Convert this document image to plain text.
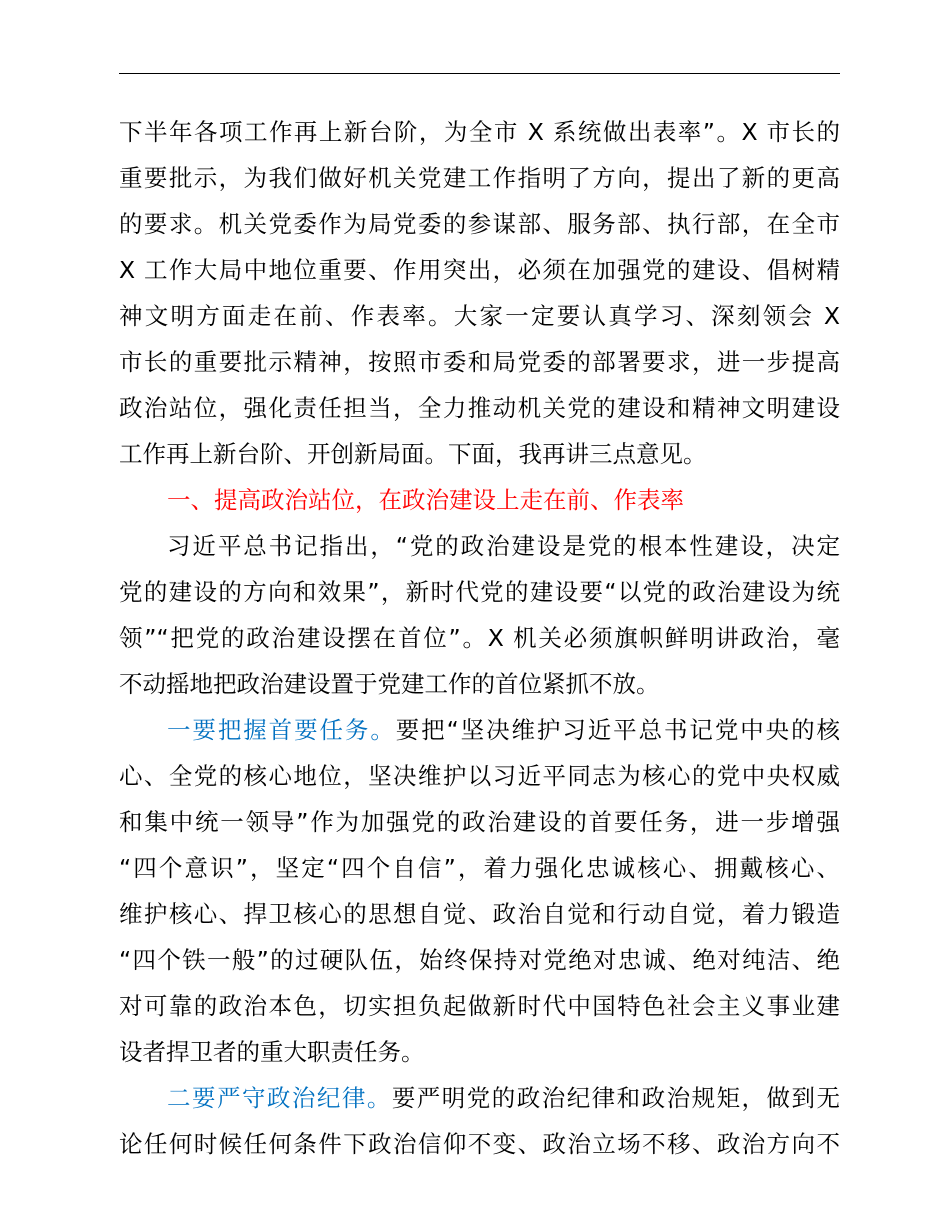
下半年各项工作再上新台阶，为全市 X 系统做出表率”。X 市长的
重要批示，为我们做好机关党建工作指明了方向，提出了新的更高
的要求。机关党委作为局党委的参谋部、服务部、执行部，在全市
X 工作大局中地位重要、作用突出，必须在加强党的建设、倡树精
神文明方面走在前、作表率。大家一定要认真学习、深刻领会 X
市长的重要批示精神，按照市委和局党委的部署要求，进一步提高
政治站位，强化责任担当，全力推动机关党的建设和精神文明建设
工作再上新台阶、开创新局面。下面，我再讲三点意见。
一、提高政治站位，在政治建设上走在前、作表率
习近平总书记指出，“党的政治建设是党的根本性建设，决定
党的建设的方向和效果”，新时代党的建设要“以党的政治建设为统
领”“把党的政治建设摆在首位”。X 机关必须旗帜鲜明讲政治，毫
不动摇地把政治建设置于党建工作的首位紧抓不放。
一要把握首要任务。要把“坚决维护习近平总书记党中央的核
心、全党的核心地位，坚决维护以习近平同志为核心的党中央权威
和集中统一领导”作为加强党的政治建设的首要任务，进一步增强
“四个意识”，坚定“四个自信”，着力强化忠诚核心、拥戴核心、
维护核心、捍卫核心的思想自觉、政治自觉和行动自觉，着力锻造
“四个铁一般”的过硬队伍，始终保持对党绝对忠诚、绝对纯洁、绝
对可靠的政治本色，切实担负起做新时代中国特色社会主义事业建
设者捍卫者的重大职责任务。
二要严守政治纪律。要严明党的政治纪律和政治规矩，做到无
论任何时候任何条件下政治信仰不变、政治立场不移、政治方向不
